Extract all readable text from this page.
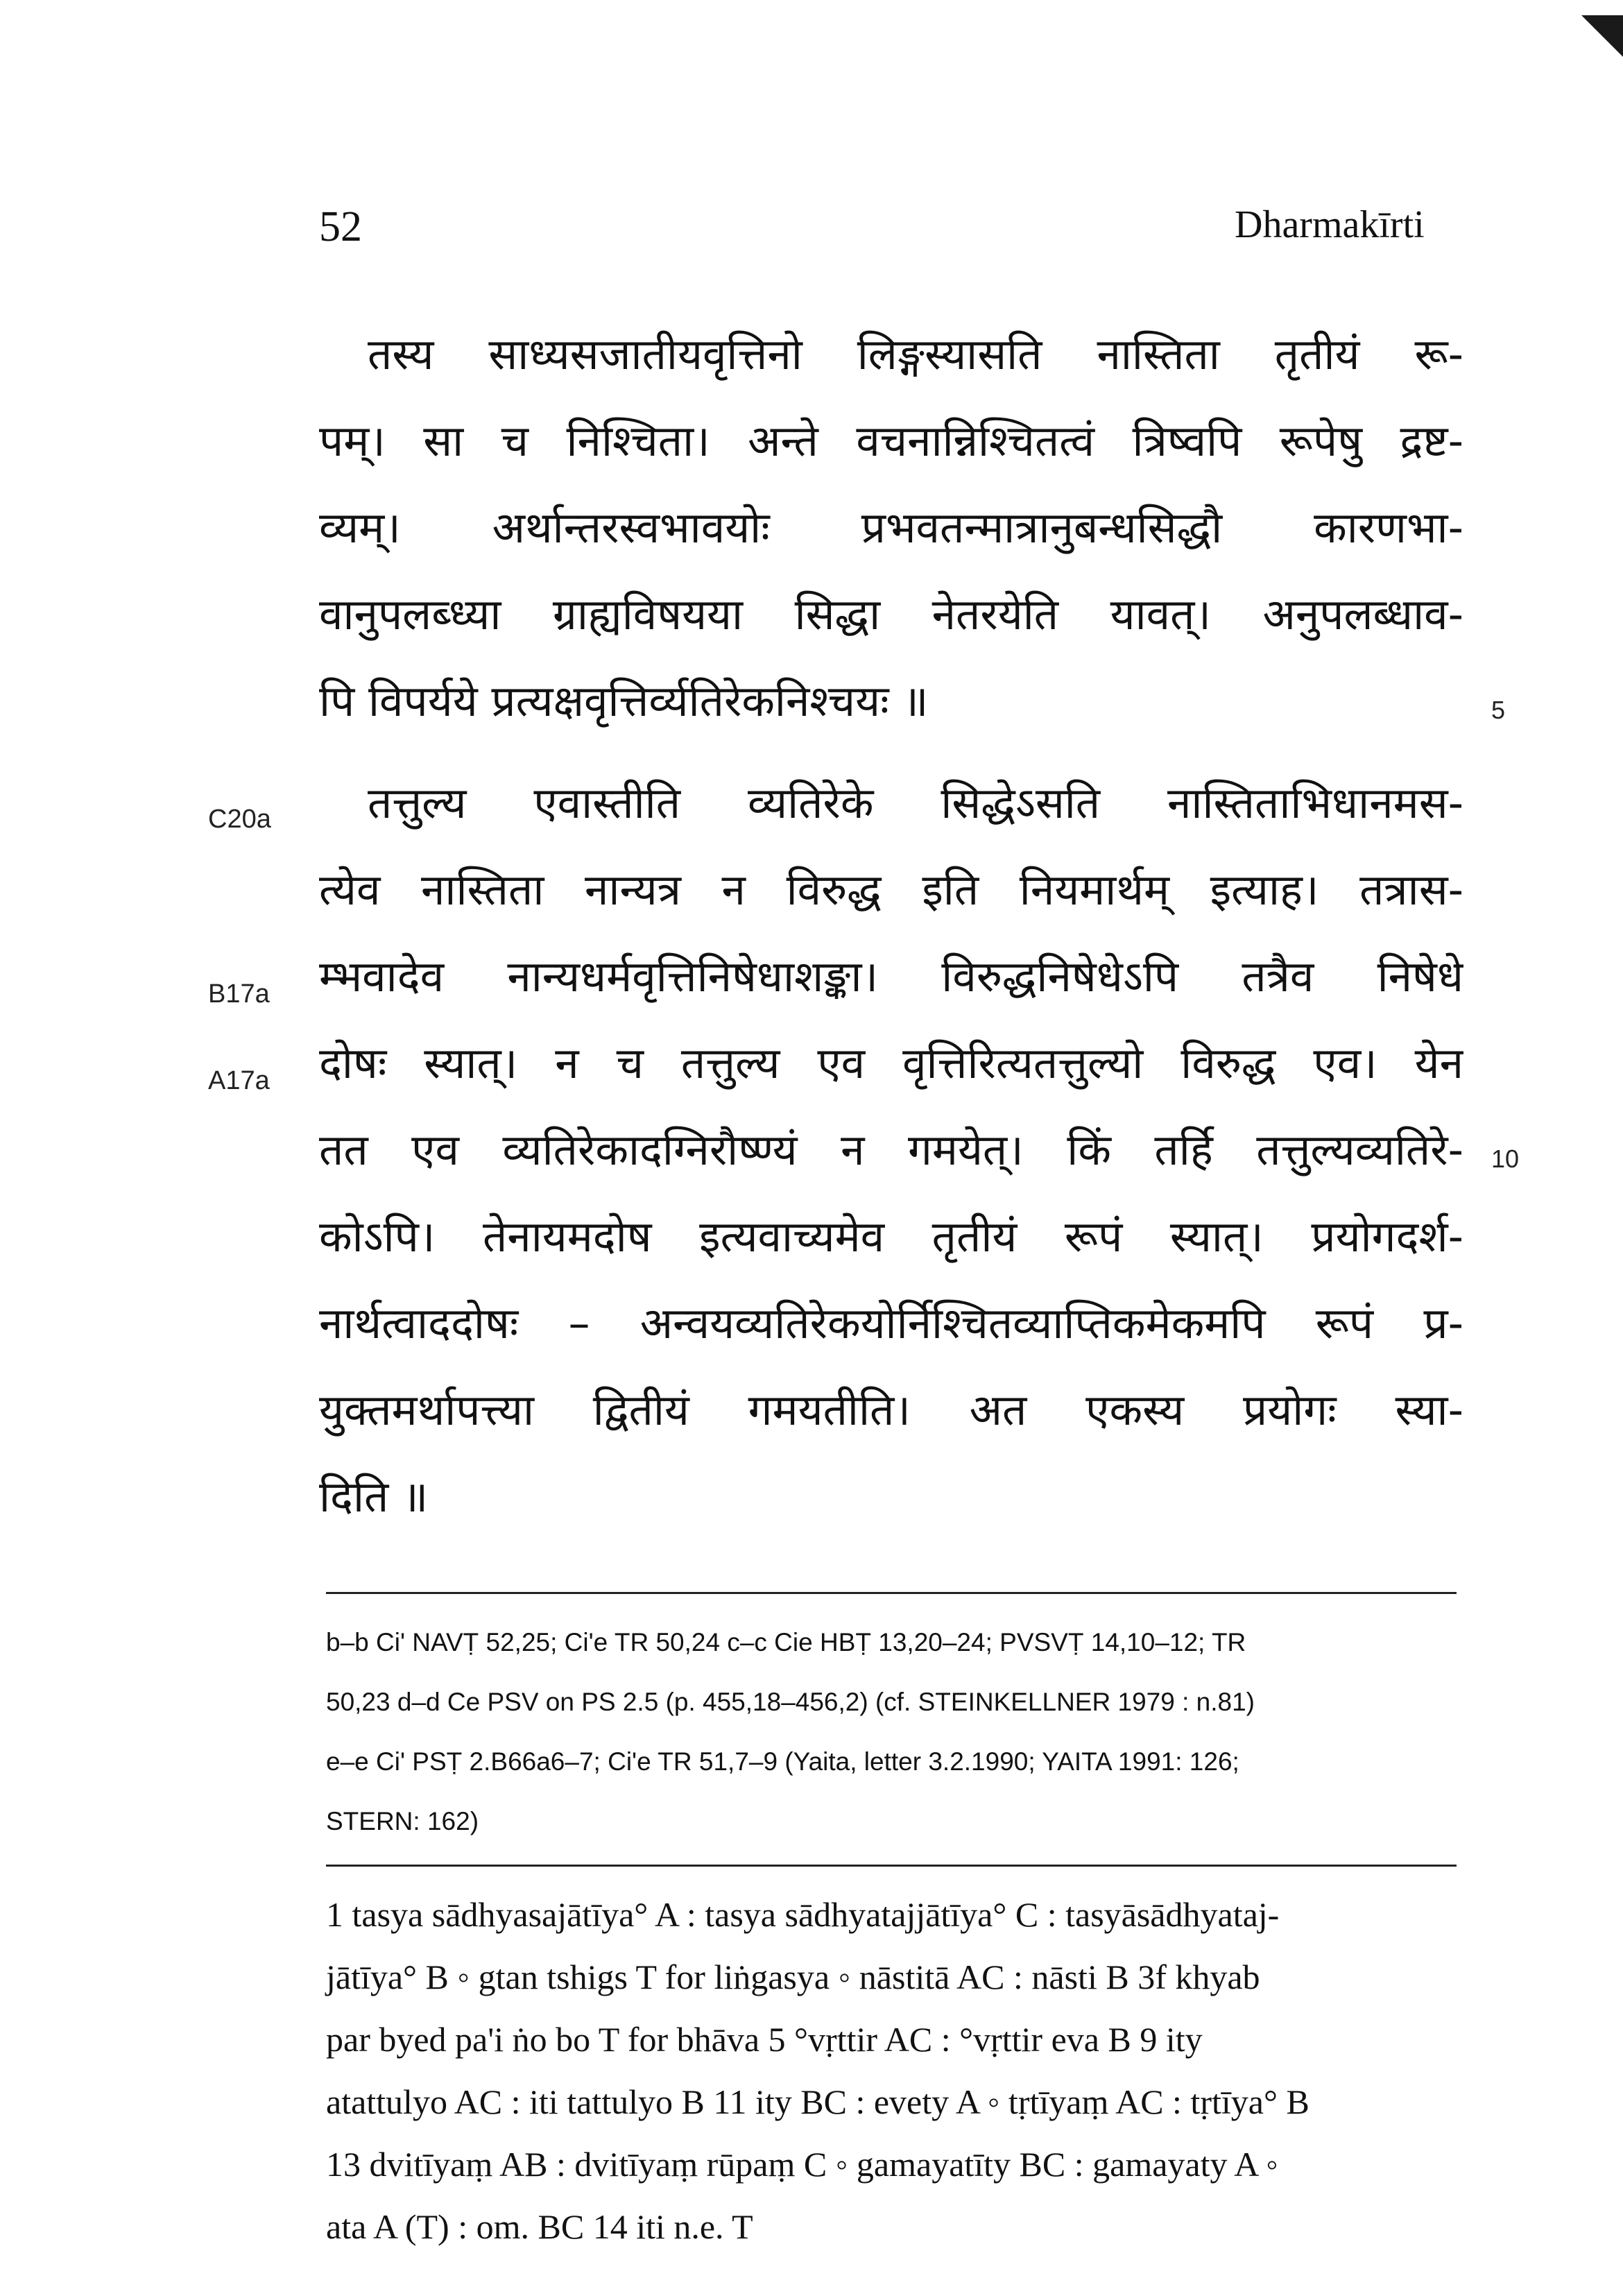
52	Dharmakīrti
तस्य साध्यसजातीयवृत्तिनो लिङ्गस्यासति नास्तिता तृतीयं रू-
पम्। सा च निश्चिता। अन्ते वचनान्निश्चितत्वं त्रिष्वपि रूपेषु द्रष्ट-
व्यम्। अर्थान्तरस्वभावयोः प्रभवतन्मात्रानुबन्धसिद्धौ कारणभा-
वानुपलब्ध्या ग्राह्यविषयया सिद्धा नेतरयेति यावत्। अनुपलब्धाव-
पि विपर्यये प्रत्यक्षवृत्तिर्व्यतिरेकनिश्चयः ॥
तत्तुल्य एवास्तीति व्यतिरेके सिद्धेऽसति नास्तिताभिधानमस-
त्येव नास्तिता नान्यत्र न विरुद्ध इति नियमार्थम् इत्याह। तत्रास-
म्भवादेव नान्यधर्मवृत्तिनिषेधाशङ्का। विरुद्धनिषेधेऽपि तत्रैव निषेधे
दोषः स्यात्। न च तत्तुल्य एव वृत्तिरित्यतत्तुल्यो विरुद्ध एव। येन
तत एव व्यतिरेकादग्निरौष्ण्यं न गमयेत्। किं तर्हि तत्तुल्यव्यतिरे-
कोऽपि। तेनायमदोष इत्यवाच्यमेव तृतीयं रूपं स्यात्। प्रयोगदर्श-
नार्थत्वाददोषः – अन्वयव्यतिरेकयोर्निश्चितव्याप्तिकमेकमपि रूपं प्र-
युक्तमर्थापत्त्या द्वितीयं गमयतीति। अत एकस्य प्रयोगः स्या-
दिति ॥
C20a
B17a
A17a
5
10
b–b Ci' NAVṬ 52,25; Ci'e TR 50,24 c–c Cie HBṬ 13,20–24; PVSVṬ 14,10–12; TR
50,23 d–d Ce PSV on PS 2.5 (p. 455,18–456,2) (cf. STEINKELLNER 1979 : n.81)
e–e Ci' PSṬ 2.B66a6–7; Ci'e TR 51,7–9 (Yaita, letter 3.2.1990; YAITA 1991: 126;
STERN: 162)
1 tasya sādhyasajātīya° A : tasya sādhyatajjātīya° C : tasyāsādhyataj-
jātīya° B ◦ gtan tshigs T for liṅgasya ◦ nāstitā AC : nāsti B 3f khyab
par byed pa'i ṅo bo T for bhāva 5 °vṛttir AC : °vṛttir eva B 9 ity
atattulyo AC : iti tattulyo B 11 ity BC : evety A ◦ tṛtīyaṃ AC : tṛtīya° B
13 dvitīyaṃ AB : dvitīyaṃ rūpaṃ C ◦ gamayatīty BC : gamayaty A ◦
ata A (T) : om. BC 14 iti n.e. T
